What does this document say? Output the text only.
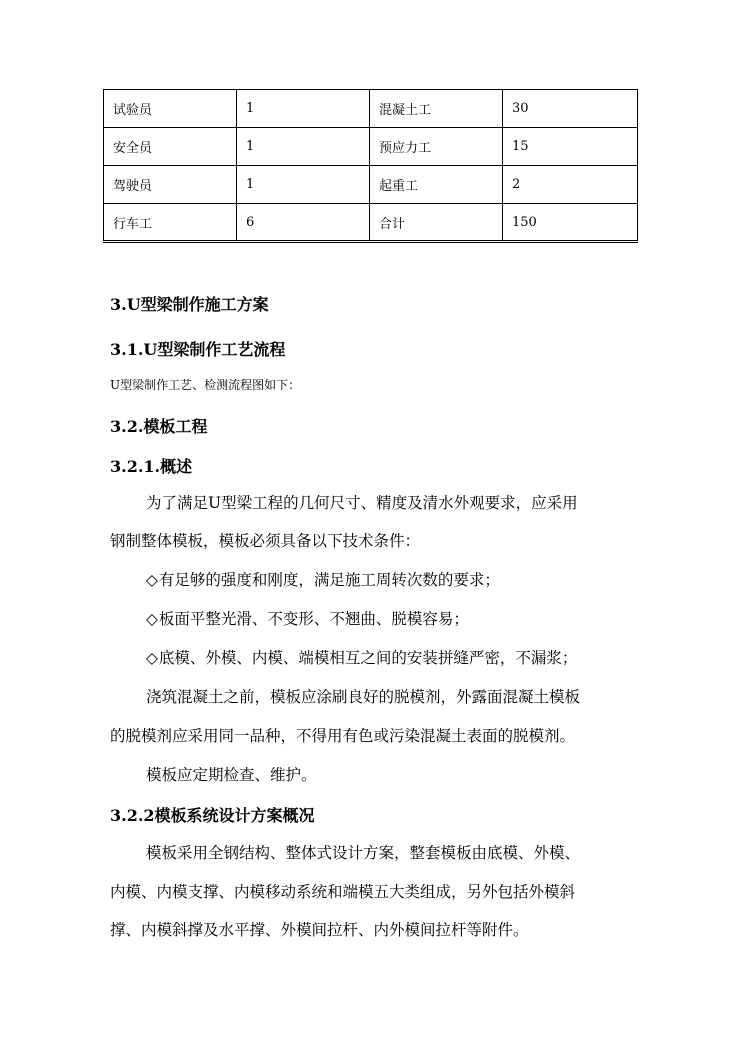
试验员	1	混凝土工	30
安全员	1	预应力工	15
驾驶员	1	起重工	2
行车工	6	合计	150

3.U型梁制作施工方案

3.1.U型梁制作工艺流程

U型梁制作工艺、检测流程图如下：

3.2.模板工程

3.2.1.概述

为了满足U型梁工程的几何尺寸、精度及清水外观要求，应采用

钢制整体模板，模板必须具备以下技术条件：

◇有足够的强度和刚度，满足施工周转次数的要求；

◇板面平整光滑、不变形、不翘曲、脱模容易；

◇底模、外模、内模、端模相互之间的安装拼缝严密，不漏浆；

浇筑混凝土之前，模板应涂刷良好的脱模剂，外露面混凝土模板

的脱模剂应采用同一品种，不得用有色或污染混凝土表面的脱模剂。

模板应定期检查、维护。

3.2.2模板系统设计方案概况

模板采用全钢结构、整体式设计方案，整套模板由底模、外模、

内模、内模支撑、内模移动系统和端模五大类组成，另外包括外模斜

撑、内模斜撑及水平撑、外模间拉杆、内外模间拉杆等附件。
